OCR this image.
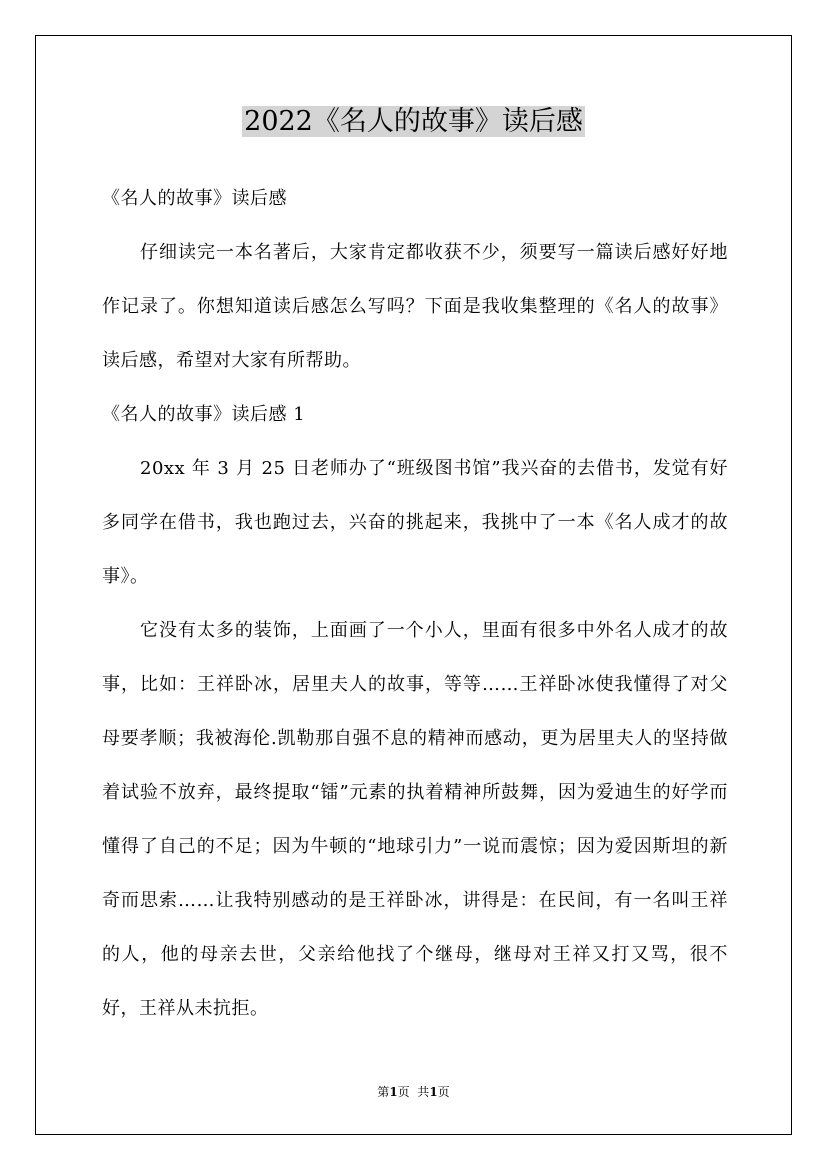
2022《名人的故事》读后感

《名人的故事》读后感

仔细读完一本名著后，大家肯定都收获不少，须要写一篇读后感好好地作记录了。你想知道读后感怎么写吗？下面是我收集整理的《名人的故事》读后感，希望对大家有所帮助。

《名人的故事》读后感 1

20xx 年 3 月 25 日老师办了“班级图书馆”我兴奋的去借书，发觉有好多同学在借书，我也跑过去，兴奋的挑起来，我挑中了一本《名人成才的故事》。

它没有太多的装饰，上面画了一个小人，里面有很多中外名人成才的故事，比如：王祥卧冰，居里夫人的故事，等等……王祥卧冰使我懂得了对父母要孝顺；我被海伦.凯勒那自强不息的精神而感动，更为居里夫人的坚持做着试验不放弃，最终提取“镭”元素的执着精神所鼓舞，因为爱迪生的好学而懂得了自己的不足；因为牛顿的“地球引力”一说而震惊；因为爱因斯坦的新奇而思索……让我特别感动的是王祥卧冰，讲得是：在民间，有一名叫王祥的人，他的母亲去世，父亲给他找了个继母，继母对王祥又打又骂，很不好，王祥从未抗拒。

第1页  共1页
